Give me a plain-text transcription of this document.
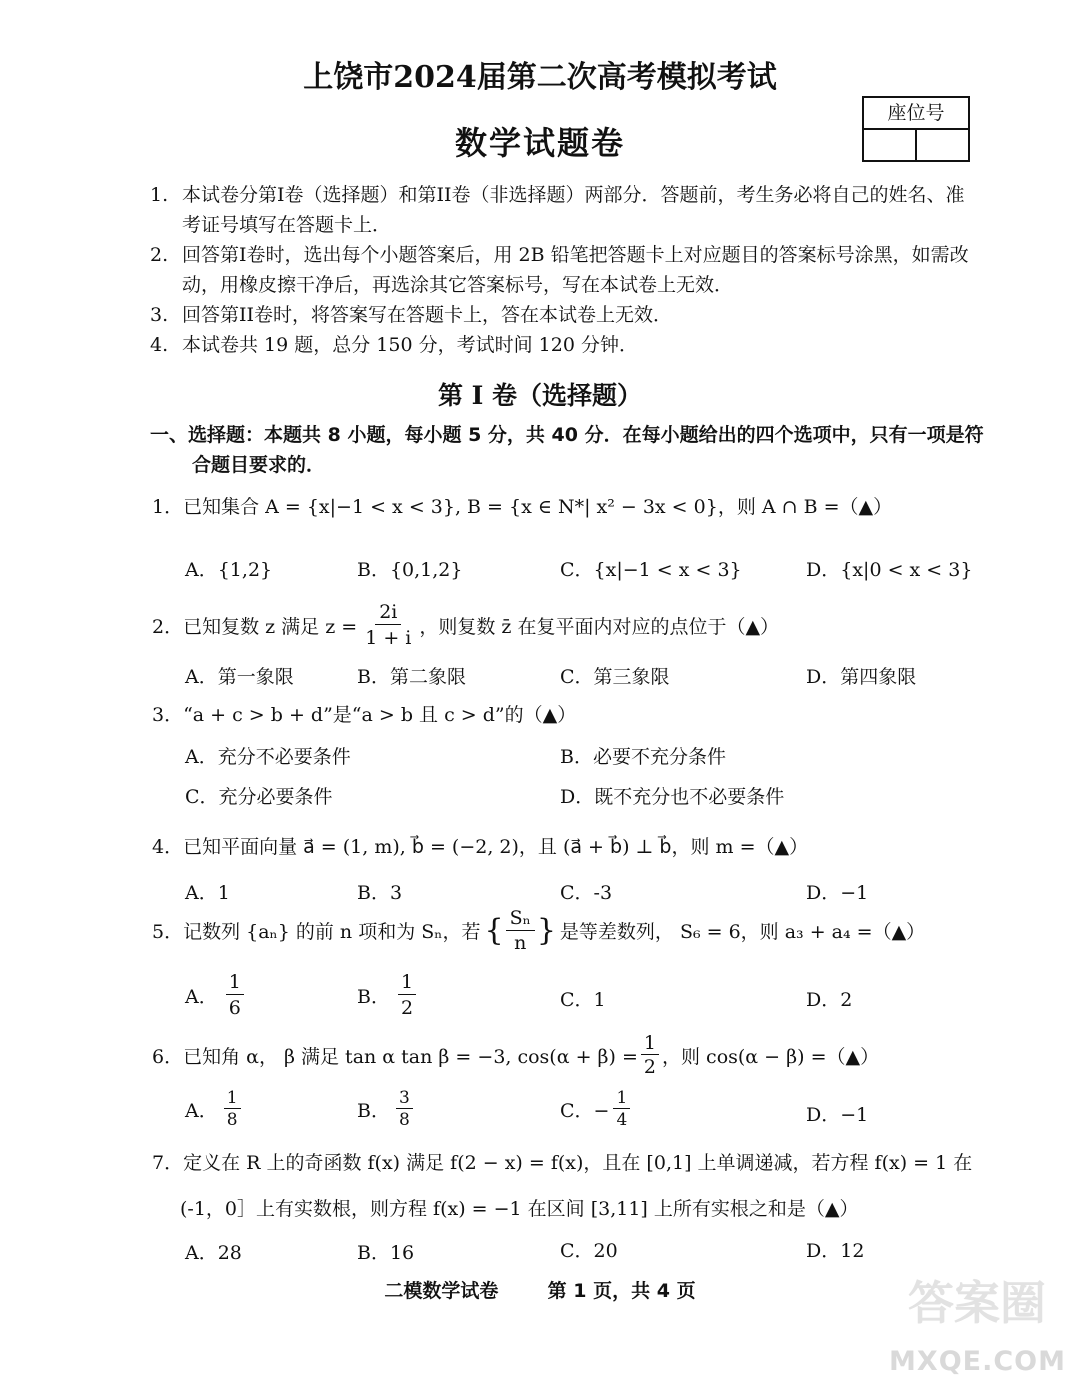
上饶市2024届第二次高考模拟考试
数学试题卷
座位号
1. 本试卷分第I卷（选择题）和第II卷（非选择题）两部分．答题前，考生务必将自己的姓名、准
考证号填写在答题卡上．
2. 回答第I卷时，选出每个小题答案后，用 2B 铅笔把答题卡上对应题目的答案标号涂黑，如需改
动，用橡皮擦干净后，再选涂其它答案标号，写在本试卷上无效．
3. 回答第II卷时，将答案写在答题卡上，答在本试卷上无效．
4. 本试卷共 19 题，总分 150 分，考试时间 120 分钟．
第 I 卷（选择题）
一、选择题：本题共 8 小题，每小题 5 分，共 40 分．在每小题给出的四个选项中，只有一项是符
合题目要求的．
1．已知集合 A = {x|−1 < x < 3}, B = {x ∈ N*| x² − 3x < 0}，则 A ∩ B =（▲）
A．{1,2}	B．{0,1,2}	C．{x|−1 < x < 3}	D．{x|0 < x < 3}
2．已知复数 z 满足 $z = \frac{2i}{1 + i}$ ，则复数 z̄ 在复平面内对应的点位于（▲）
A．第一象限	B．第二象限	C．第三象限	D．第四象限
3．“a + c > b + d”是“a > b 且 c > d”的（▲）
A．充分不必要条件	B．必要不充分条件
C．充分必要条件	D．既不充分也不必要条件
4．已知平面向量 a⃗ = (1, m), b⃗ = (−2, 2)，且 (a⃗ + b⃗) ⊥ b⃗，则 m =（▲）
A．1	B．3	C．-3	D．−1
5．记数列 {aₙ} 的前 n 项和为 Sₙ，若 { $\frac{\text{Sₙ}}{n}$ } 是等差数列， S₆ = 6，则 a₃ + a₄ =（▲）
A． $\frac{1}{6}$	B． $\frac{1}{2}$	C．1	D．2
6．已知角 α， β 满足 tan α tan β = −3, $\cos(\alpha + \beta) = \frac{1}{2}$ ，则 cos(α − β) =（▲）
A． $\frac{1}{8}$	B． $\frac{3}{8}$	C．− $\frac{1}{4}$	D．−1
7．定义在 R 上的奇函数 f(x) 满足 f(2 − x) = f(x)，且在 [0,1] 上单调递减，若方程 f(x) = 1 在
(-1，0］上有实数根，则方程 f(x) = −1 在区间 [3,11] 上所有实根之和是（▲）
A．28	B．16	C．20	D．12
二模数学试卷	第 1 页，共 4 页	答案圈
MXQE.COM
